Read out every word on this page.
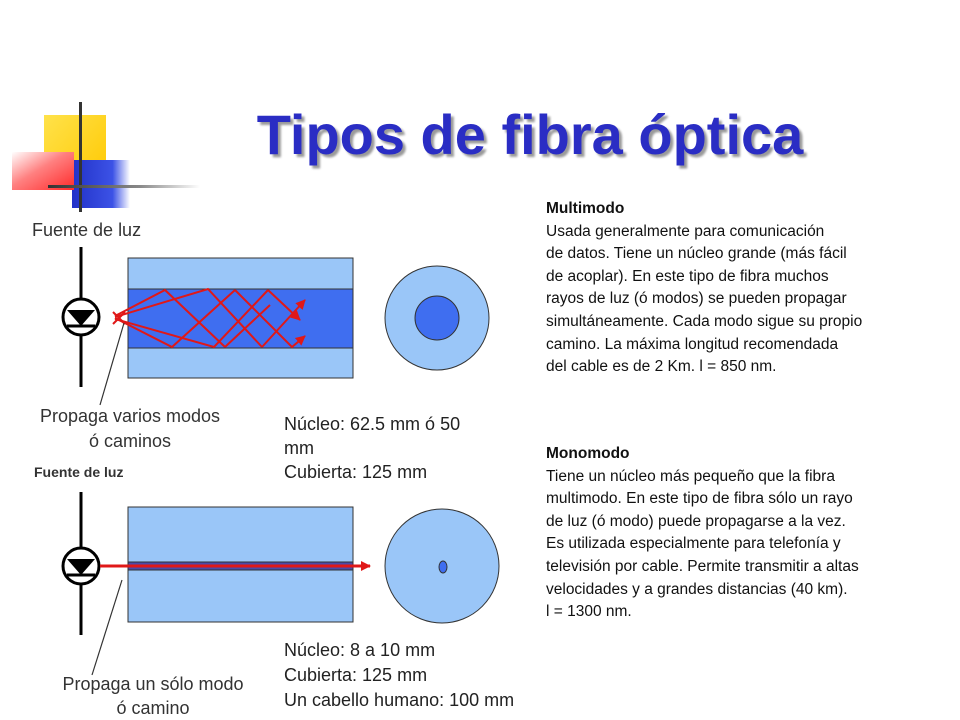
Tipos de fibra óptica
Fuente de luz
Propaga varios modos
ó caminos
Núcleo: 62.5 mm ó 50
mm
Cubierta: 125 mm
Multimodo
Usada generalmente para comunicación
de datos. Tiene un núcleo grande (más fácil
de acoplar). En este tipo de fibra muchos
rayos de luz (ó modos) se pueden propagar
simultáneamente. Cada modo sigue su propio
camino. La máxima longitud recomendada
del cable es de 2 Km. l = 850 nm.
Fuente de luz
Propaga un sólo modo
ó camino
Núcleo: 8 a 10 mm
Cubierta: 125 mm
Un cabello humano: 100 mm
Monomodo
Tiene un núcleo más pequeño que la fibra
multimodo. En este tipo de fibra sólo un rayo
de luz (ó modo) puede propagarse a la vez.
Es utilizada especialmente para telefonía y
televisión por cable. Permite transmitir a altas
velocidades y a grandes distancias (40 km).
l = 1300 nm.
